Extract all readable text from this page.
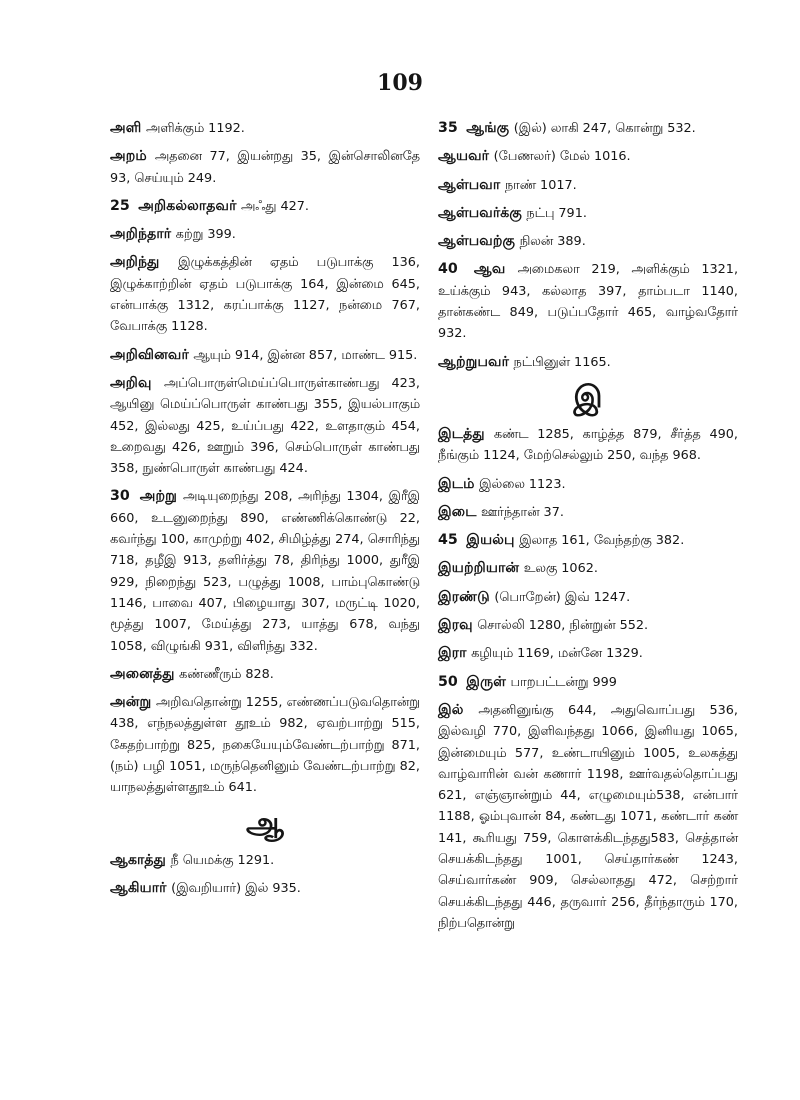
109
அளி அளிக்கும் 1192.
அறம் அதனை 77, இயன்றது 35, இன்சொலினதே 93, செய்யும் 249.
25 அறிகல்லாதவர் அஃது 427.
அறிந்தார் கற்று 399.
அறிந்து இழுக்கத்தின் ஏதம் படுபாக்கு 136, இழுக்காற்றின் ஏதம் படுபாக்கு 164, இன்மை 645, என்பாக்கு 1312, கரப்பாக்கு 1127, நன்மை 767, வேபாக்கு 1128.
அறிவினவர் ஆயும் 914, இன்ன 857, மாண்ட 915.
அறிவு அப்பொருள்மெய்ப்பொருள்காண்பது 423, ஆயினு மெய்ப்பொருள் காண்பது 355, இயல்பாகும் 452, இல்லது 425, உய்ப்பது 422, உளதாகும் 454, உறைவது 426, ஊறும் 396, செம்பொருள் காண்பது 358, நுண்பொருள் காண்பது 424.
30 அற்று அடியுறைந்து 208, அரிந்து 1304, இரீஇ 660, உடனுறைந்து 890, எண்ணிக்கொண்டு 22, கவர்ந்து 100, காமுற்று 402, சிமிழ்த்து 274, சொரிந்து 718, தழீஇ 913, தளிர்த்து 78, திரிந்து 1000, துரீஇ 929, நிறைந்து 523, பழுத்து 1008, பாம்புகொண்டு 1146, பாவை 407, பிழையாது 307, மருட்டி 1020, மூத்து 1007, மேய்த்து 273, யாத்து 678, வந்து 1058, விழுங்கி 931, விளிந்து 332.
அனைத்து கண்ணீரும் 828.
அன்று அறிவதொன்று 1255, எண்ணப்படுவதொன்று 438, எந்நலத்துள்ள தூஉம் 982, ஏவற்பாற்று 515, கேதற்பாற்று 825, நகையேயும்வேண்டற்பாற்று 871, (நம்) பழி 1051, மருந்தெனினும் வேண்டற்பாற்று 82, யாநலத்துள்ளதூஉம் 641.
ஆ
ஆகாத்து நீ யெமக்கு 1291.
ஆகியார் (இவறியார்) இல் 935.
35 ஆங்கு (இல்) லாகி 247, கொன்று 532.
ஆயவர் (பேணலர்) மேல் 1016.
ஆள்பவா நாண் 1017.
ஆள்பவர்க்கு நட்பு 791.
ஆள்பவற்கு நிலன் 389.
40 ஆவ அமைகலா 219, அளிக்கும் 1321, உய்க்கும் 943, கல்லாத 397, தாம்படா 1140, தான்கண்ட 849, படுப்பதோர் 465, வாழ்வதோர் 932.
ஆற்றுபவர் நட்பினுள் 1165.
இ
இடத்து கண்ட 1285, காழ்த்த 879, சீர்த்த 490, நீங்கும் 1124, மேற்செல்லும் 250, வந்த 968.
இடம் இல்லை 1123.
இடை ஊர்ந்தான் 37.
45 இயல்பு இலாத 161, வேந்தற்கு 382.
இயற்றியான் உலகு 1062.
இரண்டு (பொறேன்) இவ் 1247.
இரவு சொல்லி 1280, நின்றுன் 552.
இரா கழியும் 1169, மன்னே 1329.
50 இருள் பாறபட்டன்று 999
இல் அதனினுங்கு 644, அதுவொப்பது 536, இல்வழி 770, இளிவந்தது 1066, இனியது 1065, இன்மையும் 577, உண்டாயினும் 1005, உலகத்து வாழ்வாரின் வன் கணார் 1198, ஊர்வதல்தொப்பது 621, எஞ்ஞான்றும் 44, எழுமையும்538, என்பார் 1188, ஓம்புவான் 84, கண்டது 1071, கண்டார் கண் 141, கூரியது 759, கொளக்கிடந்தது583, செத்தான் செயக்கிடந்தது 1001, செய்தார்கண் 1243, செய்வார்கண் 909, செல்லாதது 472, செற்றார் செயக்கிடந்தது 446, தருவார் 256, தீர்ந்தாரும் 170, நிற்பதொன்று
